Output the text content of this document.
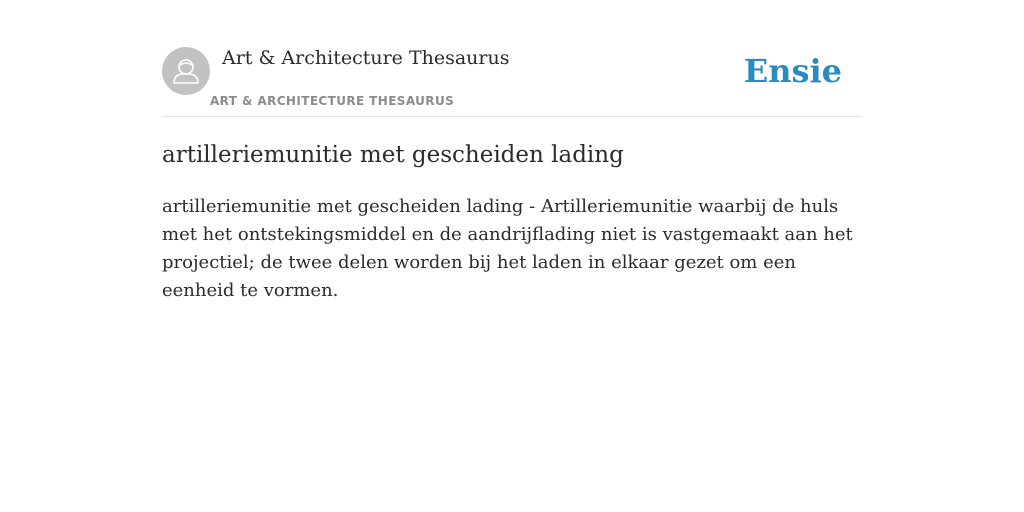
Art & Architecture Thesaurus
ART & ARCHITECTURE THESAURUS
Ensie
artilleriemunitie met gescheiden lading

artilleriemunitie met gescheiden lading - Artilleriemunitie waarbij de huls met het ontstekingsmiddel en de aandrijflading niet is vastgemaakt aan het projectiel; de twee delen worden bij het laden in elkaar gezet om een eenheid te vormen.
